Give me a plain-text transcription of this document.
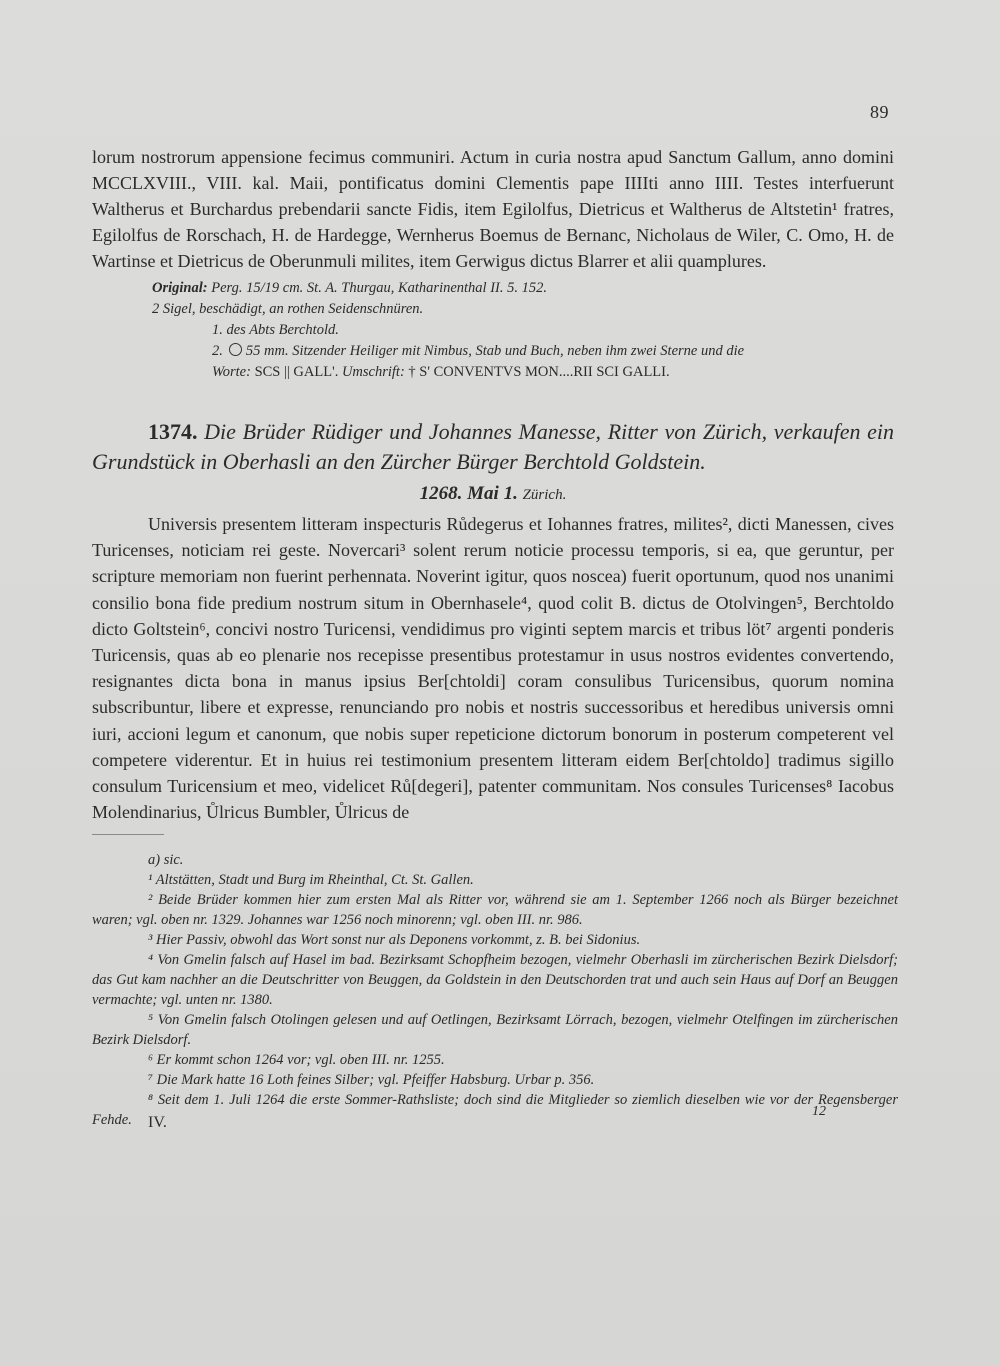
89

lorum nostrorum appensione fecimus communiri. Actum in curia nostra apud Sanctum Gallum, anno domini MCCLXVIII., VIII. kal. Maii, pontificatus domini Clementis pape IIIIti anno IIII. Testes interfuerunt Waltherus et Burchardus prebendarii sancte Fidis, item Egilolfus, Dietricus et Waltherus de Altstetin¹ fratres, Egilolfus de Rorschach, H. de Hardegge, Wernherus Boemus de Bernanc, Nicholaus de Wiler, C. Omo, H. de Wartinse et Dietricus de Oberunmuli milites, item Gerwigus dictus Blarrer et alii quamplures.

Original: Perg. 15/19 cm. St. A. Thurgau, Katharinenthal II. 5. 152.

2 Sigel, beschädigt, an rothen Seidenschnüren.

1. des Abts Berchtold.

2. 55 mm. Sitzender Heiliger mit Nimbus, Stab und Buch, neben ihm zwei Sterne und die

Worte: SCS || GALL'. Umschrift: † S' CONVENTVS MON....RII SCI GALLI.

1374. Die Brüder Rüdiger und Johannes Manesse, Ritter von Zürich, verkaufen ein Grundstück in Oberhasli an den Zürcher Bürger Berchtold Goldstein.

1268. Mai 1. Zürich.

Universis presentem litteram inspecturis Růdegerus et Iohannes fratres, milites², dicti Manessen, cives Turicenses, noticiam rei geste. Novercari³ solent rerum noticie processu temporis, si ea, que geruntur, per scripture memoriam non fuerint perhennata. Noverint igitur, quos noscea) fuerit oportunum, quod nos unanimi consilio bona fide predium nostrum situm in Obernhasele⁴, quod colit B. dictus de Otolvingen⁵, Berchtoldo dicto Goltstein⁶, concivi nostro Turicensi, vendidimus pro viginti septem marcis et tribus löt⁷ argenti ponderis Turicensis, quas ab eo plenarie nos recepisse presentibus protestamur in usus nostros evidentes convertendo, resignantes dicta bona in manus ipsius Ber[chtoldi] coram consulibus Turicensibus, quorum nomina subscribuntur, libere et expresse, renunciando pro nobis et nostris successoribus et heredibus universis omni iuri, accioni legum et canonum, que nobis super repeticione dictorum bonorum in posterum competerent vel competere viderentur. Et in huius rei testimonium presentem litteram eidem Ber[chtoldo] tradimus sigillo consulum Turicensium et meo, videlicet Rů[degeri], patenter communitam. Nos consules Turicenses⁸ Iacobus Molendinarius, Ůlricus Bumbler, Ůlricus de

a) sic.

¹ Altstätten, Stadt und Burg im Rheinthal, Ct. St. Gallen.

² Beide Brüder kommen hier zum ersten Mal als Ritter vor, während sie am 1. September 1266 noch als Bürger bezeichnet waren; vgl. oben nr. 1329. Johannes war 1256 noch minorenn; vgl. oben III. nr. 986.

³ Hier Passiv, obwohl das Wort sonst nur als Deponens vorkommt, z. B. bei Sidonius.

⁴ Von Gmelin falsch auf Hasel im bad. Bezirksamt Schopfheim bezogen, vielmehr Oberhasli im zürcherischen Bezirk Dielsdorf; das Gut kam nachher an die Deutschritter von Beuggen, da Goldstein in den Deutschorden trat und auch sein Haus auf Dorf an Beuggen vermachte; vgl. unten nr. 1380.

⁵ Von Gmelin falsch Otolingen gelesen und auf Oetlingen, Bezirksamt Lörrach, bezogen, vielmehr Otelfingen im zürcherischen Bezirk Dielsdorf.

⁶ Er kommt schon 1264 vor; vgl. oben III. nr. 1255.

⁷ Die Mark hatte 16 Loth feines Silber; vgl. Pfeiffer Habsburg. Urbar p. 356.

⁸ Seit dem 1. Juli 1264 die erste Sommer-Rathsliste; doch sind die Mitglieder so ziemlich dieselben wie vor der Regensberger Fehde.	IV.
12
